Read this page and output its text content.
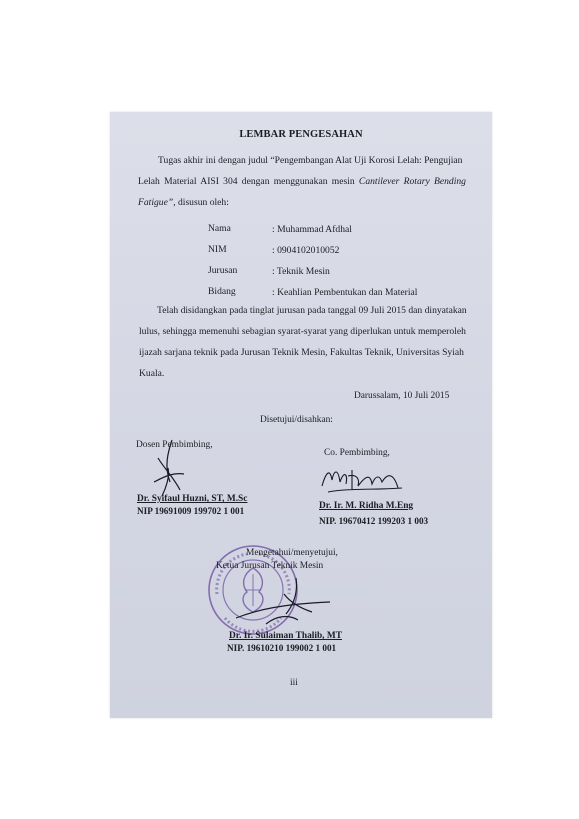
LEMBAR PENGESAHAN
Tugas akhir ini dengan judul “Pengembangan Alat Uji Korosi Lelah: Pengujian
Lelah Material AISI 304 dengan menggunakan mesin Cantilever Rotary Bending
Fatigue”, disusun oleh:
Nama	: Muhammad Afdhal
NIM	: 0904102010052
Jurusan	: Teknik Mesin
Bidang	: Keahlian Pembentukan dan Material
Telah disidangkan pada tinglat jurusan pada tanggal 09 Juli 2015 dan dinyatakan
lulus, sehingga memenuhi sebagian syarat-syarat yang diperlukan untuk memperoleh
ijazah sarjana teknik pada Jurusan Teknik Mesin, Fakultas Teknik, Universitas Syiah
Kuala.
Darussalam, 10 Juli 2015
Disetujui/disahkan:
Dosen Pembimbing,
Dr. Syifaul Huzni, ST, M.Sc
NIP 19691009 199702 1 001
Co. Pembimbing,
Dr. Ir. M. Ridha M.Eng
NIP. 19670412 199203 1 003
Mengetahui/menyetujui,
Ketua Jurusan Teknik Mesin
Dr. Ir. Sulaiman Thalib, MT
NIP. 19610210 199002 1 001
iii
